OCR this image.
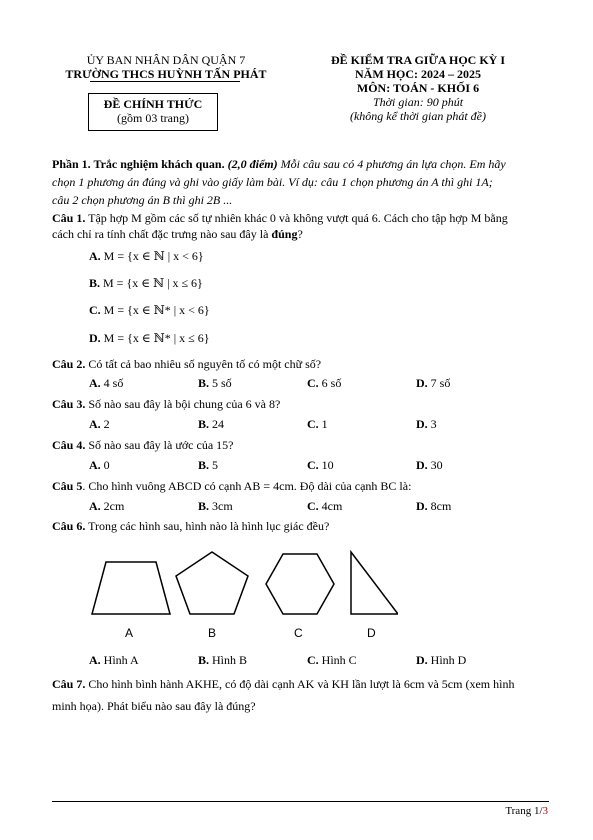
ỦY BAN NHÂN DÂN QUẬN 7
TRƯỜNG THCS HUỲNH TẤN PHÁT
ĐỀ CHÍNH THỨC
(gồm 03 trang)
ĐỀ KIỂM TRA GIỮA HỌC KỲ I
NĂM HỌC: 2024 – 2025
MÔN: TOÁN - KHỐI 6
Thời gian: 90 phút
(không kể thời gian phát đề)
Phần 1. Trắc nghiệm khách quan. (2,0 điểm) Mỗi câu sau có 4 phương án lựa chọn. Em hãy
chọn 1 phương án đúng và ghi vào giấy làm bài. Ví dụ: câu 1 chọn phương án A thì ghi 1A;
câu 2 chọn phương án B thì ghi 2B ...
Câu 1. Tập hợp M gồm các số tự nhiên khác 0 và không vượt quá 6. Cách cho tập hợp M bằng
cách chỉ ra tính chất đặc trưng nào sau đây là đúng?
A. M = {x ∈ ℕ | x < 6}
B. M = {x ∈ ℕ | x ≤ 6}
C. M = {x ∈ ℕ* | x < 6}
D. M = {x ∈ ℕ* | x ≤ 6}
Câu 2. Có tất cả bao nhiêu số nguyên tố có một chữ số?
A. 4 số	B. 5 số	C. 6 số	D. 7 số
Câu 3. Số nào sau đây là bội chung của 6 và 8?
A. 2	B. 24	C. 1	D. 3
Câu 4. Số nào sau đây là ước của 15?
A. 0	B. 5	C. 10	D. 30
Câu 5. Cho hình vuông ABCD có cạnh AB = 4cm. Độ dài của cạnh BC là:
A. 2cm	B. 3cm	C. 4cm	D. 8cm
Câu 6. Trong các hình sau, hình nào là hình lục giác đều?
A	B	C	D
A. Hình A	B. Hình B	C. Hình C	D. Hình D
Câu 7. Cho hình bình hành AKHE, có độ dài cạnh AK và KH lần lượt là 6cm và 5cm (xem hình
minh họa). Phát biểu nào sau đây là đúng?
Trang 1/3
